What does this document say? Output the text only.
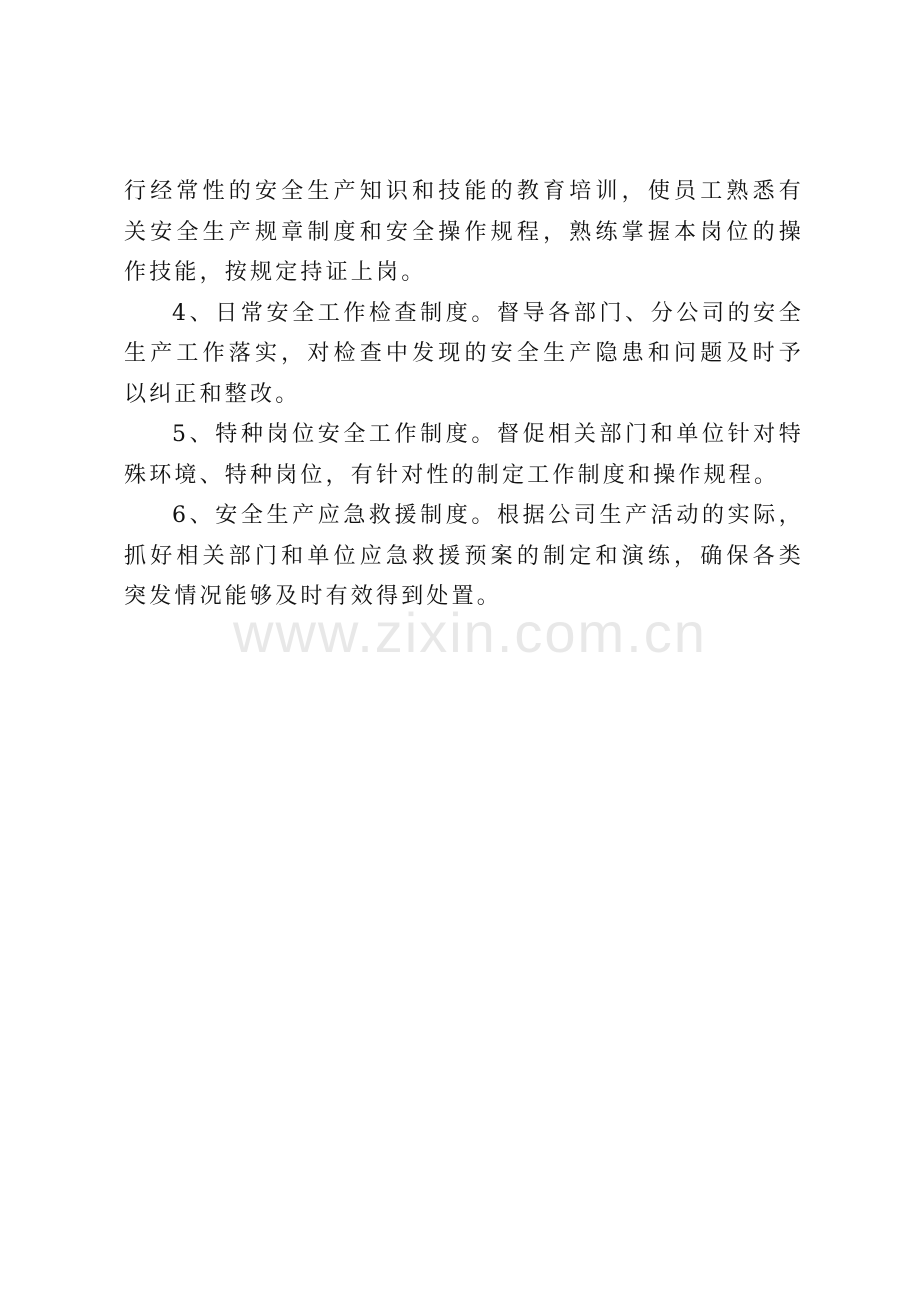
行经常性的安全生产知识和技能的教育培训，使员工熟悉有关安全生产规章制度和安全操作规程，熟练掌握本岗位的操作技能，按规定持证上岗。

4、日常安全工作检查制度。督导各部门、分公司的安全生产工作落实，对检查中发现的安全生产隐患和问题及时予以纠正和整改。

5、特种岗位安全工作制度。督促相关部门和单位针对特殊环境、特种岗位，有针对性的制定工作制度和操作规程。

6、安全生产应急救援制度。根据公司生产活动的实际，抓好相关部门和单位应急救援预案的制定和演练，确保各类突发情况能够及时有效得到处置。

www.zixin.com.cn
